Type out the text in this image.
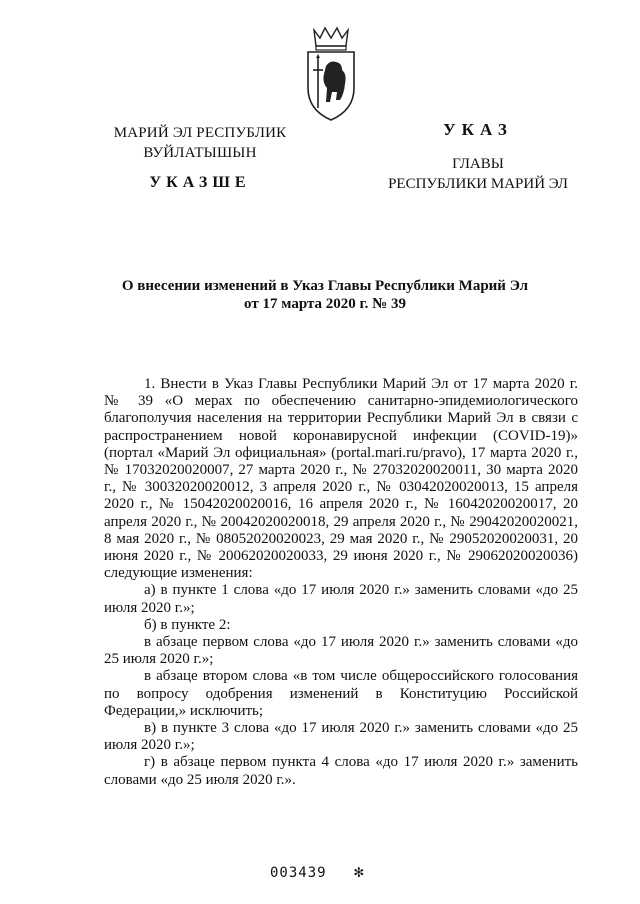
МАРИЙ ЭЛ РЕСПУБЛИК
ВУЙЛАТЫШЫН
УКАЗШЕ
УКАЗ
ГЛАВЫ
РЕСПУБЛИКИ МАРИЙ ЭЛ
О внесении изменений в Указ Главы Республики Марий Эл
от 17 марта 2020 г. № 39

1. Внести в Указ Главы Республики Марий Эл от 17 марта 2020 г. № 39 «О мерах по обеспечению санитарно-эпидемиологического благополучия населения на территории Республики Марий Эл в связи с распространением новой коронавирусной инфекции (COVID-19)» (портал «Марий Эл официальная» (portal.mari.ru/pravo), 17 марта 2020 г., № 17032020020007, 27 марта 2020 г., № 27032020020011, 30 марта 2020 г., № 30032020020012, 3 апреля 2020 г., № 03042020020013, 15 апреля 2020 г., № 15042020020016, 16 апреля 2020 г., № 16042020020017, 20 апреля 2020 г., № 20042020020018, 29 апреля 2020 г., № 29042020020021, 8 мая 2020 г., № 08052020020023, 29 мая 2020 г., № 29052020020031, 20 июня 2020 г., № 20062020020033, 29 июня 2020 г., № 29062020020036) следующие изменения:

а) в пункте 1 слова «до 17 июля 2020 г.» заменить словами «до 25 июля 2020 г.»;

б) в пункте 2:

в абзаце первом слова «до 17 июля 2020 г.» заменить словами «до 25 июля 2020 г.»;

в абзаце втором слова «в том числе общероссийского голосования по вопросу одобрения изменений в Конституцию Российской Федерации,» исключить;

в) в пункте 3 слова «до 17 июля 2020 г.» заменить словами «до 25 июля 2020 г.»;

г) в абзаце первом пункта 4 слова «до 17 июля 2020 г.» заменить словами «до 25 июля 2020 г.».

003439 ✻
